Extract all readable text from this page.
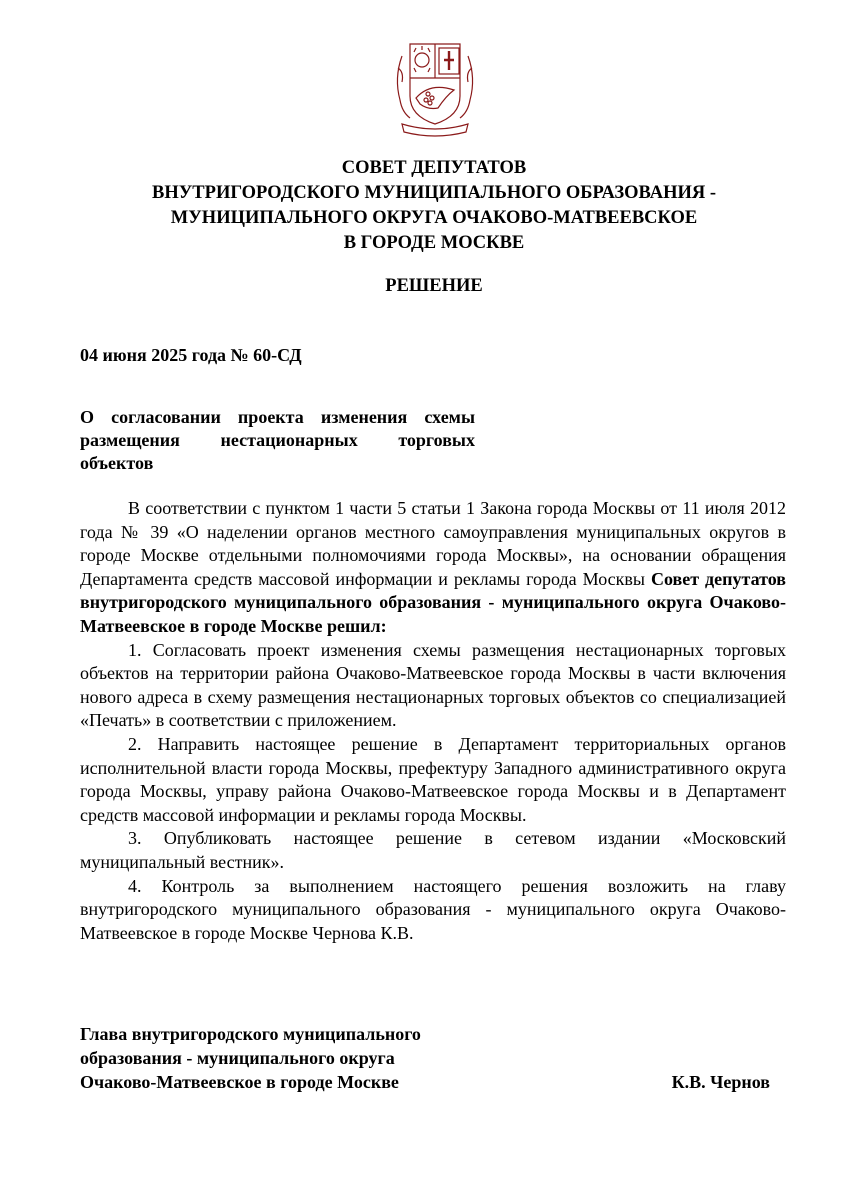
СОВЕТ ДЕПУТАТОВ
ВНУТРИГОРОДСКОГО МУНИЦИПАЛЬНОГО ОБРАЗОВАНИЯ -
МУНИЦИПАЛЬНОГО ОКРУГА ОЧАКОВО-МАТВЕЕВСКОЕ
В ГОРОДЕ МОСКВЕ
РЕШЕНИЕ
04 июня 2025 года № 60-СД
О согласовании проекта изменения схемы размещения нестационарных торговых объектов

В соответствии с пунктом 1 части 5 статьи 1 Закона города Москвы от 11 июля 2012 года № 39 «О наделении органов местного самоуправления муниципальных округов в городе Москве отдельными полномочиями города Москвы», на основании обращения Департамента средств массовой информации и рекламы города Москвы Совет депутатов внутригородского муниципального образования - муниципального округа Очаково-Матвеевское в городе Москве решил:

1. Согласовать проект изменения схемы размещения нестационарных торговых объектов на территории района Очаково-Матвеевское города Москвы в части включения нового адреса в схему размещения нестационарных торговых объектов со специализацией «Печать» в соответствии с приложением.

2. Направить настоящее решение в Департамент территориальных органов исполнительной власти города Москвы, префектуру Западного административного округа города Москвы, управу района Очаково-Матвеевское города Москвы и в Департамент средств массовой информации и рекламы города Москвы.

3. Опубликовать настоящее решение в сетевом издании «Московский муниципальный вестник».

4. Контроль за выполнением настоящего решения возложить на главу внутригородского муниципального образования - муниципального округа Очаково-Матвеевское в городе Москве Чернова К.В.

Глава внутригородского муниципального
образования - муниципального округа
Очаково-Матвеевское в городе Москве	К.В. Чернов
